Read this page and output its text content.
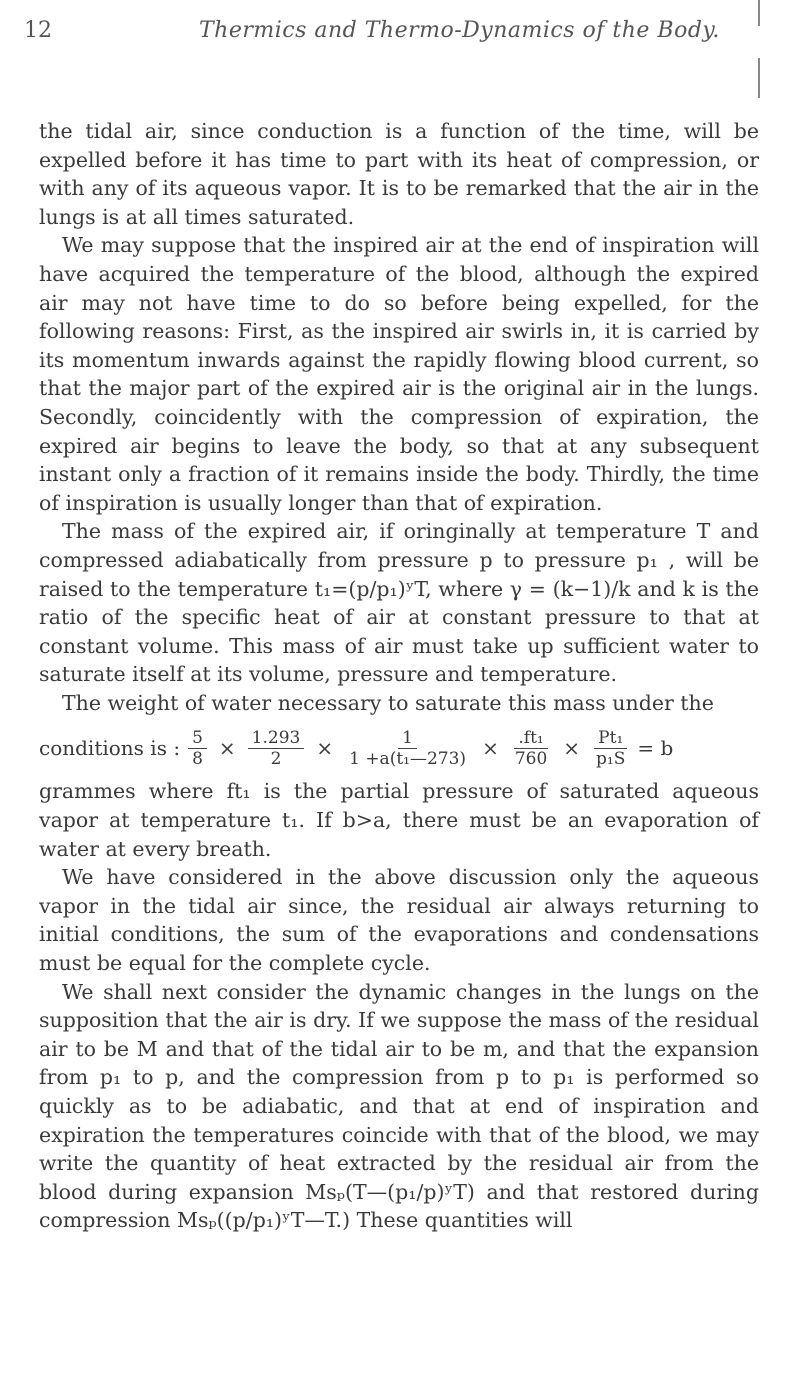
12	Thermics and Thermo-Dynamics of the Body.

the tidal air, since conduction is a function of the time, will be expelled before it has time to part with its heat of compression, or with any of its aqueous vapor. It is to be remarked that the air in the lungs is at all times saturated.

We may suppose that the inspired air at the end of inspiration will have acquired the temperature of the blood, although the expired air may not have time to do so before being expelled, for the following reasons: First, as the inspired air swirls in, it is carried by its momentum inwards against the rapidly flowing blood current, so that the major part of the expired air is the original air in the lungs. Secondly, coincidently with the compression of expiration, the expired air begins to leave the body, so that at any subsequent instant only a fraction of it remains inside the body. Thirdly, the time of inspiration is usually longer than that of expiration.

The mass of the expired air, if oringinally at temperature T and compressed adiabatically from pressure p to pressure p₁ , will be raised to the temperature t₁=(p/p₁)ʸT, where γ = (k−1)/k and k is the ratio of the specific heat of air at constant pressure to that at constant volume. This mass of air must take up sufficient water to saturate itself at its volume, pressure and temperature.

The weight of water necessary to saturate this mass under the

conditions is : $\frac{5}{8} \times \frac{1.293}{2} \times \frac{1}{\text{1 +a(t₁—273)}} \times \frac{\text{.ft₁}}{760} \times \frac{\text{Pt₁}}{\text{p₁S}} = b$

grammes where ft₁ is the partial pressure of saturated aqueous vapor at temperature t₁. If b>a, there must be an evaporation of water at every breath.

We have considered in the above discussion only the aqueous vapor in the tidal air since, the residual air always returning to initial conditions, the sum of the evaporations and condensations must be equal for the complete cycle.

We shall next consider the dynamic changes in the lungs on the supposition that the air is dry. If we suppose the mass of the residual air to be M and that of the tidal air to be m, and that the expansion from p₁ to p, and the compression from p to p₁ is performed so quickly as to be adiabatic, and that at end of inspiration and expiration the temperatures coincide with that of the blood, we may write the quantity of heat extracted by the residual air from the blood during expansion Msₚ(T—(p₁/p)ʸT) and that restored during compression Msₚ((p/p₁)ʸT—T.) These quantities will
